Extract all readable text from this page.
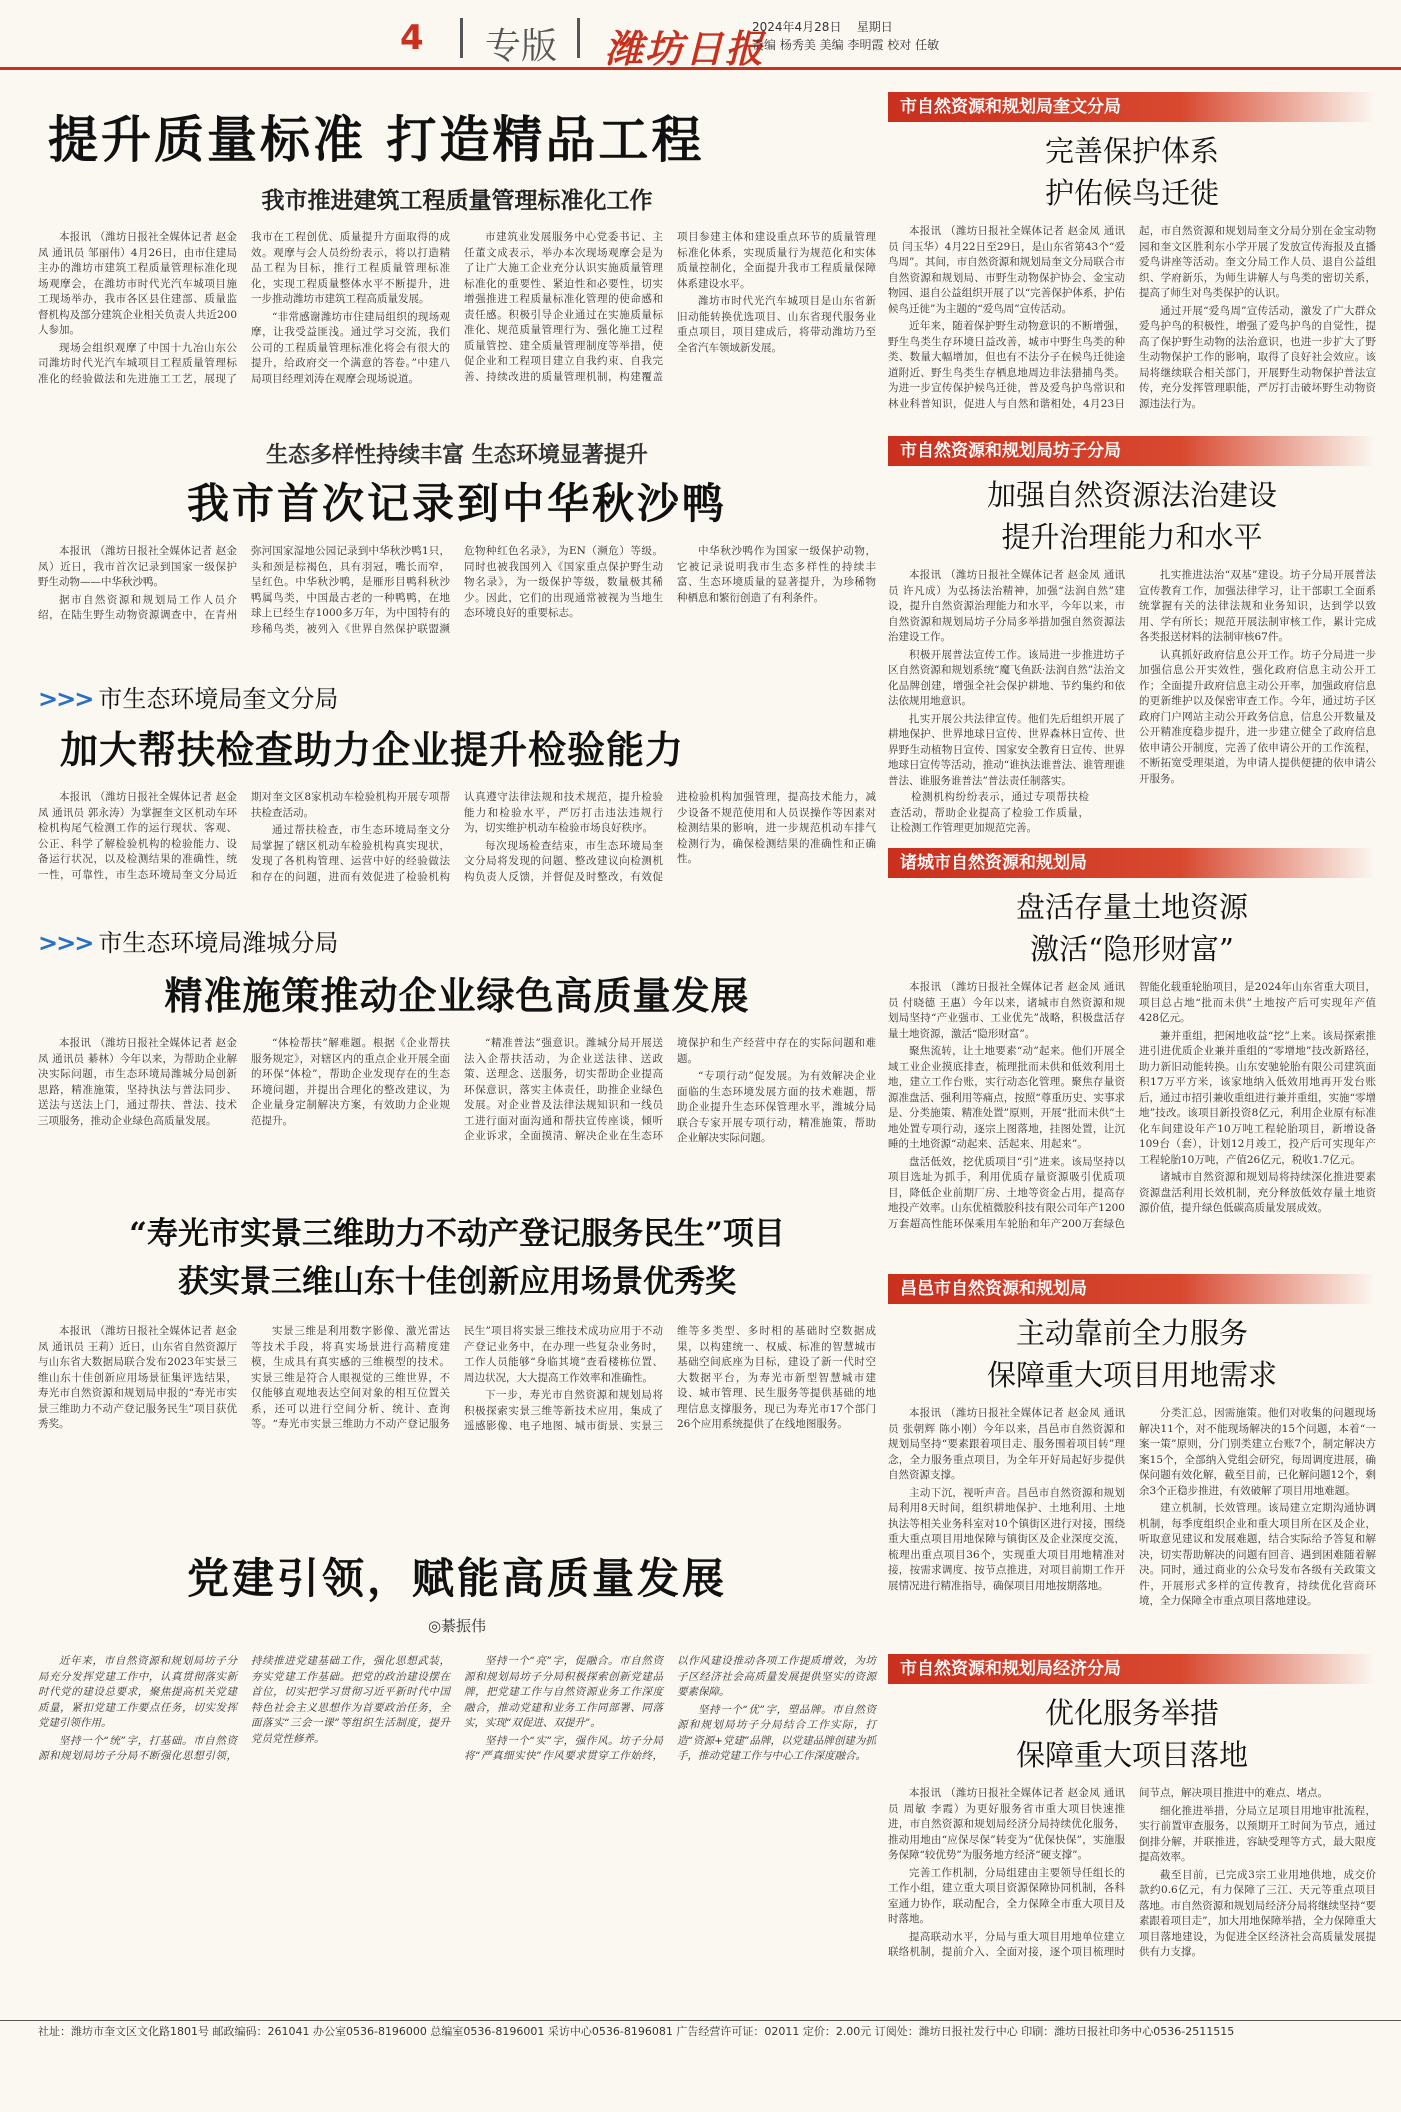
4 专版 潍坊日报
2024年4月28日 星期日
责编 杨秀美 美编 李明霞 校对 任敏
提升质量标准 打造精品工程
我市推进建筑工程质量管理标准化工作

本报讯 （潍坊日报社全媒体记者 赵金凤 通讯员 邹丽伟）4月26日，由市住建局主办的潍坊市建筑工程质量管理标准化现场观摩会，在潍坊市时代光汽车城项目施工现场举办，我市各区县住建部、质量监督机构及部分建筑企业相关负责人共近200人参加。

现场会组织观摩了中国十九冶山东公司潍坊时代光汽车城项目工程质量管理标准化的经验做法和先进施工工艺，展现了我市在工程创优、质量提升方面取得的成效。观摩与会人员纷纷表示，将以打造精品工程为目标，推行工程质量管理标准化，实现工程质量整体水平不断提升，进一步推动潍坊市建筑工程高质量发展。

“非常感谢潍坊市住建局组织的现场观摩，让我受益匪浅。通过学习交流，我们公司的工程质量管理标准化将会有很大的提升，给政府交一个满意的答卷。”中建八局项目经理刘涛在观摩会现场说道。

市建筑业发展服务中心党委书记、主任董文成表示，举办本次现场观摩会是为了让广大施工企业充分认识实施质量管理标准化的重要性、紧迫性和必要性，切实增强推进工程质量标准化管理的使命感和责任感。积极引导企业通过在实施质量标准化、规范质量管理行为、强化施工过程质量管控、建全质量管理制度等举措，使促企业和工程项目建立自我约束、自我完善、持续改进的质量管理机制，构建覆盖项目参建主体和建设重点环节的质量管理标准化体系，实现质量行为规范化和实体质量控制化，全面提升我市工程质量保障体系建设水平。

潍坊市时代光汽车城项目是山东省新旧动能转换优选项目、山东省现代服务业重点项目，项目建成后，将带动潍坊乃至全省汽车领域新发展。

生态多样性持续丰富 生态环境显著提升
我市首次记录到中华秋沙鸭

本报讯 （潍坊日报社全媒体记者 赵金凤）近日，我市首次记录到国家一级保护野生动物——中华秋沙鸭。

据市自然资源和规划局工作人员介绍，在陆生野生动物资源调查中，在青州弥河国家湿地公园记录到中华秋沙鸭1只，头和颈是棕褐色，具有羽冠，嘴长而窄，呈红色。中华秋沙鸭，是雁形目鸭科秋沙鸭属鸟类，中国最古老的一种鸭鸭，在地球上已经生存1000多万年，为中国特有的珍稀鸟类，被列入《世界自然保护联盟濒危物种红色名录》，为EN（濒危）等级。同时也被我国列入《国家重点保护野生动物名录》，为一级保护等级，数量极其稀少。因此，它们的出现通常被视为当地生态环境良好的重要标志。

中华秋沙鸭作为国家一级保护动物，它被记录说明我市生态多样性的持续丰富、生态环境质量的显著提升，为珍稀物种栖息和繁衍创造了有利条件。

>>> 市生态环境局奎文分局
加大帮扶检查助力企业提升检验能力

本报讯 （潍坊日报社全媒体记者 赵金凤 通讯员 郭永涛）为掌握奎文区机动车环检机构尾气检测工作的运行现状、客观、公正、科学了解检验机构的检验能力、设备运行状况，以及检测结果的准确性，统一性，可靠性，市生态环境局奎文分局近期对奎文区8家机动车检验机构开展专项帮扶检查活动。

通过帮扶检查，市生态环境局奎文分局掌握了辖区机动车检验机构真实现状，发现了各机构管理、运营中好的经验做法和存在的问题，进而有效促进了检验机构认真遵守法律法规和技术规范，提升检验能力和检验水平，严厉打击违法违规行为，切实维护机动车检验市场良好秩序。

每次现场检查结束，市生态环境局奎文分局将发现的问题、整改建议向检测机构负责人反馈，并督促及时整改，有效促进检验机构加强管理，提高技术能力，减少设备不规范使用和人员误操作等因素对检测结果的影响，进一步规范机动车排气检测行为，确保检测结果的准确性和正确性。

检测机构纷纷表示，通过专项帮扶检查活动，帮助企业提高了检验工作质量，让检测工作管理更加规范完善。

>>> 市生态环境局潍城分局
精准施策推动企业绿色高质量发展

本报讯 （潍坊日报社全媒体记者 赵金凤 通讯员 綦林）今年以来，为帮助企业解决实际问题，市生态环境局潍城分局创新思路，精准施策，坚持执法与普法同步、送法与送法上门，通过帮扶、普法、技术三项服务，推动企业绿色高质量发展。

“体检帮扶”解难题。根据《企业帮扶服务规定》，对辖区内的重点企业开展全面的环保“体检”，帮助企业发现存在的生态环境问题，并提出合理化的整改建议，为企业量身定制解决方案，有效助力企业规范提升。

“精准普法”强意识。潍城分局开展送法入企帮扶活动，为企业送法律、送政策、送理念、送服务，切实帮助企业提高环保意识，落实主体责任，助推企业绿色发展。对企业普及法律法规知识和一线员工进行面对面沟通和帮扶宣传座谈，倾听企业诉求，全面摸清、解决企业在生态环境保护和生产经营中存在的实际问题和难题。

“专项行动”促发展。为有效解决企业面临的生态环境发展方面的技术难题，帮助企业提升生态环保管理水平，潍城分局联合专家开展专项行动，精准施策，帮助企业解决实际问题。

“寿光市实景三维助力不动产登记服务民生”项目
获实景三维山东十佳创新应用场景优秀奖

本报讯 （潍坊日报社全媒体记者 赵金凤 通讯员 王莉）近日，山东省自然资源厅与山东省大数据局联合发布2023年实景三维山东十佳创新应用场景征集评选结果，寿光市自然资源和规划局申报的“寿光市实景三维助力不动产登记服务民生”项目获优秀奖。

实景三维是利用数字影像、激光雷达等技术手段，将真实场景进行高精度建模，生成具有真实感的三维模型的技术。实景三维是符合人眼视觉的三维世界，不仅能够直观地表达空间对象的相互位置关系，还可以进行空间分析、统计、查询等。“寿光市实景三维助力不动产登记服务民生”项目将实景三维技术成功应用于不动产登记业务中，在办理一些复杂业务时，工作人员能够“身临其境”查看楼栋位置、周边状况，大大提高工作效率和准确性。

下一步，寿光市自然资源和规划局将积极探索实景三维等新技术应用，集成了遥感影像、电子地图、城市街景、实景三维等多类型、多时相的基础时空数据成果，以构建统一、权威、标准的智慧城市基础空间底座为目标，建设了新一代时空大数据平台，为寿光市新型智慧城市建设、城市管理、民生服务等提供基础的地理信息支撑服务，现已为寿光市17个部门26个应用系统提供了在线地图服务。

党建引领，赋能高质量发展
◎綦振伟

近年来，市自然资源和规划局坊子分局充分发挥党建工作中，认真贯彻落实新时代党的建设总要求，聚焦提高机关党建质量，紧扣党建工作要点任务，切实发挥党建引领作用。

坚持一个“统”字，打基础。市自然资源和规划局坊子分局不断强化思想引领，持续推进党建基础工作，强化思想武装，夯实党建工作基础。把党的政治建设摆在首位，切实把学习贯彻习近平新时代中国特色社会主义思想作为首要政治任务，全面落实“三会一课”等组织生活制度，提升党员党性修养。

坚持一个“亮”字，促融合。市自然资源和规划局坊子分局积极探索创新党建品牌，把党建工作与自然资源业务工作深度融合，推动党建和业务工作同部署、同落实，实现“双促进、双提升”。

坚持一个“实”字，强作风。坊子分局将“严真细实快”作风要求贯穿工作始终，以作风建设推动各项工作提质增效，为坊子区经济社会高质量发展提供坚实的资源要素保障。

坚持一个“优”字，塑品牌。市自然资源和规划局坊子分局结合工作实际，打造“资源+党建”品牌，以党建品牌创建为抓手，推动党建工作与中心工作深度融合。

市自然资源和规划局奎文分局
完善保护体系
护佑候鸟迁徙

本报讯 （潍坊日报社全媒体记者 赵金凤 通讯员 闫玉华）4月22日至29日，是山东省第43个“爱鸟周”。其间，市自然资源和规划局奎文分局联合市自然资源和规划局、市野生动物保护协会、金宝动物园、退自公益组织开展了以“完善保护体系，护佑候鸟迁徙”为主题的“爱鸟周”宣传活动。

近年来，随着保护野生动物意识的不断增强，野生鸟类生存环境日益改善，城市中野生鸟类的种类、数量大幅增加，但也有不法分子在候鸟迁徙途道附近、野生鸟类生存栖息地周边非法猎捕鸟类。为进一步宣传保护候鸟迁徙，普及爱鸟护鸟常识和林业科普知识，促进人与自然和谐相处，4月23日起，市自然资源和规划局奎文分局分别在金宝动物园和奎文区胜利东小学开展了发放宣传海报及直播爱鸟讲座等活动。奎文分局工作人员、退自公益组织、学府新乐，为师生讲解人与鸟类的密切关系，提高了师生对鸟类保护的认识。

通过开展“爱鸟周”宣传活动，激发了广大群众爱鸟护鸟的积极性，增强了爱鸟护鸟的自觉性，提高了保护野生动物的法治意识，也进一步扩大了野生动物保护工作的影响，取得了良好社会效应。该局将继续联合相关部门，开展野生动物保护普法宣传，充分发挥管理职能，严厉打击破坏野生动物资源违法行为。

市自然资源和规划局坊子分局
加强自然资源法治建设
提升治理能力和水平

本报讯 （潍坊日报社全媒体记者 赵金凤 通讯员 许凡成）为弘扬法治精神，加强“法润自然”建设，提升自然资源治理能力和水平，今年以来，市自然资源和规划局坊子分局多举措加强自然资源法治建设工作。

积极开展普法宣传工作。该局进一步推进坊子区自然资源和规划系统“魔飞鱼跃·法润自然”法治文化品牌创建，增强全社会保护耕地、节约集约和依法依规用地意识。

扎实开展公共法律宣传。他们先后组织开展了耕地保护、世界地球日宣传、世界森林日宣传、世界野生动植物日宣传、国家安全教育日宣传、世界地球日宣传等活动，推动“谁执法谁普法、谁管理谁普法、谁服务谁普法”普法责任制落实。

扎实推进法治“双基”建设。坊子分局开展普法宣传教育工作，加强法律学习，让干部职工全面系统掌握有关的法律法规和业务知识，达到学以致用、学有所长；规范开展法制审核工作，累计完成各类报送材料的法制审核67件。

认真抓好政府信息公开工作。坊子分局进一步加强信息公开实效性，强化政府信息主动公开工作；全面提升政府信息主动公开率，加强政府信息的更新维护以及保密审查工作。今年，通过坊子区政府门户网站主动公开政务信息，信息公开数量及公开精准度稳步提升，进一步建立健全了政府信息依申请公开制度，完善了依申请公开的工作流程，不断拓宽受理渠道，为申请人提供便捷的依申请公开服务。

诸城市自然资源和规划局
盘活存量土地资源
激活“隐形财富”

本报讯 （潍坊日报社全媒体记者 赵金凤 通讯员 付晓德 王惠）今年以来，诸城市自然资源和规划局坚持“产业强市、工业优先”战略，积极盘活存量土地资源，激活“隐形财富”。

聚焦流转，让土地要素“动”起来。他们开展全域工业企业摸底排查，梳理批而未供和低效利用土地，建立工作台账，实行动态化管理。聚焦存量资源准盘活、强利用等痛点，按照“尊重历史、实事求是、分类施策、精准处置”原则，开展“批而未供”土地处置专项行动，逐宗上图落地，挂图处置，让沉睡的土地资源“动起来、活起来、用起来”。

盘活低效，挖优质项目“引”进来。该局坚持以项目选址为抓手，利用优质存量资源吸引优质项目，降低企业前期厂房、土地等资金占用，提高存地投产效率。山东优植微胶科技有限公司年产1200万套超高性能环保乘用车轮胎和年产200万套绿色智能化载重轮胎项目，是2024年山东省重大项目，项目总占地“批而未供”土地按产后可实现年产值428亿元。

兼并重组，把闲地收益“挖”上来。该局探索推进引进优质企业兼并重组的“零增地”技改新路径，助力新旧动能转换。山东安驰轮胎有限公司建筑面积17万平方米，该家地纳入低效用地再开发台账后，通过市招引兼收重组进行兼并重组，实施“零增地”技改。该项目新投资8亿元，利用企业原有标准化车间建设年产10万吨工程轮胎项目，新增设备109台（套），计划12月竣工，投产后可实现年产工程轮胎10万吨，产值26亿元，税收1.7亿元。

诸城市自然资源和规划局将持续深化推进要素资源盘活利用长效机制，充分释放低效存量土地资源价值，提升绿色低碳高质量发展成效。

昌邑市自然资源和规划局
主动靠前全力服务
保障重大项目用地需求

本报讯 （潍坊日报社全媒体记者 赵金凤 通讯员 张朝辉 陈小刚）今年以来，昌邑市自然资源和规划局坚持“要素跟着项目走、服务围着项目转”理念，全力服务重点项目，为全年开好局起好步提供自然资源支撑。

主动下沉，视听声音。昌邑市自然资源和规划局利用8天时间，组织耕地保护、土地利用、土地执法等相关业务科室对10个镇街区进行对接，围绕重大重点项目用地保障与镇街区及企业深度交流，梳理出重点项目36个，实现重大项目用地精准对接，按需求调度、按节点推进，对项目前期工作开展情况进行精准指导，确保项目用地按期落地。

分类汇总，因需施策。他们对收集的问题现场解决11个，对不能现场解决的15个问题，本着“一案一策”原则，分门别类建立台账7个，制定解决方案15个，全部纳入党组会研究，每周调度进展，确保问题有效化解，截至目前，已化解问题12个，剩余3个正稳步推进，有效破解了项目用地难题。

建立机制，长效管理。该局建立定期沟通协调机制，每季度组织企业和重大项目所在区及企业，听取意见建议和发展难题，结合实际给予答复和解决，切实帮助解决的问题有回音、遇到困难随着解决。同时，通过商业的公众号发布各级有关政策文件，开展形式多样的宣传教育，持续优化营商环境，全力保障全市重点项目落地建设。

市自然资源和规划局经济分局
优化服务举措
保障重大项目落地

本报讯 （潍坊日报社全媒体记者 赵金凤 通讯员 周敏 李霞）为更好服务省市重大项目快速推进，市自然资源和规划局经济分局持续优化服务，推动用地由“应保尽保”转变为“优保快保”，实施服务保障“较优势”为服务地方经济“硬支撑”。

完善工作机制，分局组建由主要领导任组长的工作小组，建立重大项目资源保障协同机制，各科室通力协作，联动配合，全力保障全市重大项目及时落地。

提高联动水平，分局与重大项目用地单位建立联络机制，提前介入、全面对接，逐个项目梳理时间节点，解决项目推进中的难点、堵点。

细化推进举措，分局立足项目用地审批流程，实行前置审查服务，以预期开工时间为节点，通过倒排分解，并联推进，容缺受理等方式，最大限度提高效率。

截至目前，已完成3宗工业用地供地，成交价款约0.6亿元，有力保障了三江、天元等重点项目落地。市自然资源和规划局经济分局将继续坚持“要素跟着项目走”，加大用地保障举措，全力保障重大项目落地建设，为促进全区经济社会高质量发展提供有力支撑。

社址：潍坊市奎文区文化路1801号 邮政编码：261041 办公室0536-8196000 总编室0536-8196001 采访中心0536-8196081 广告经营许可证：02011 定价：2.00元 订阅处：潍坊日报社发行中心 印刷：潍坊日报社印务中心0536-2511515
